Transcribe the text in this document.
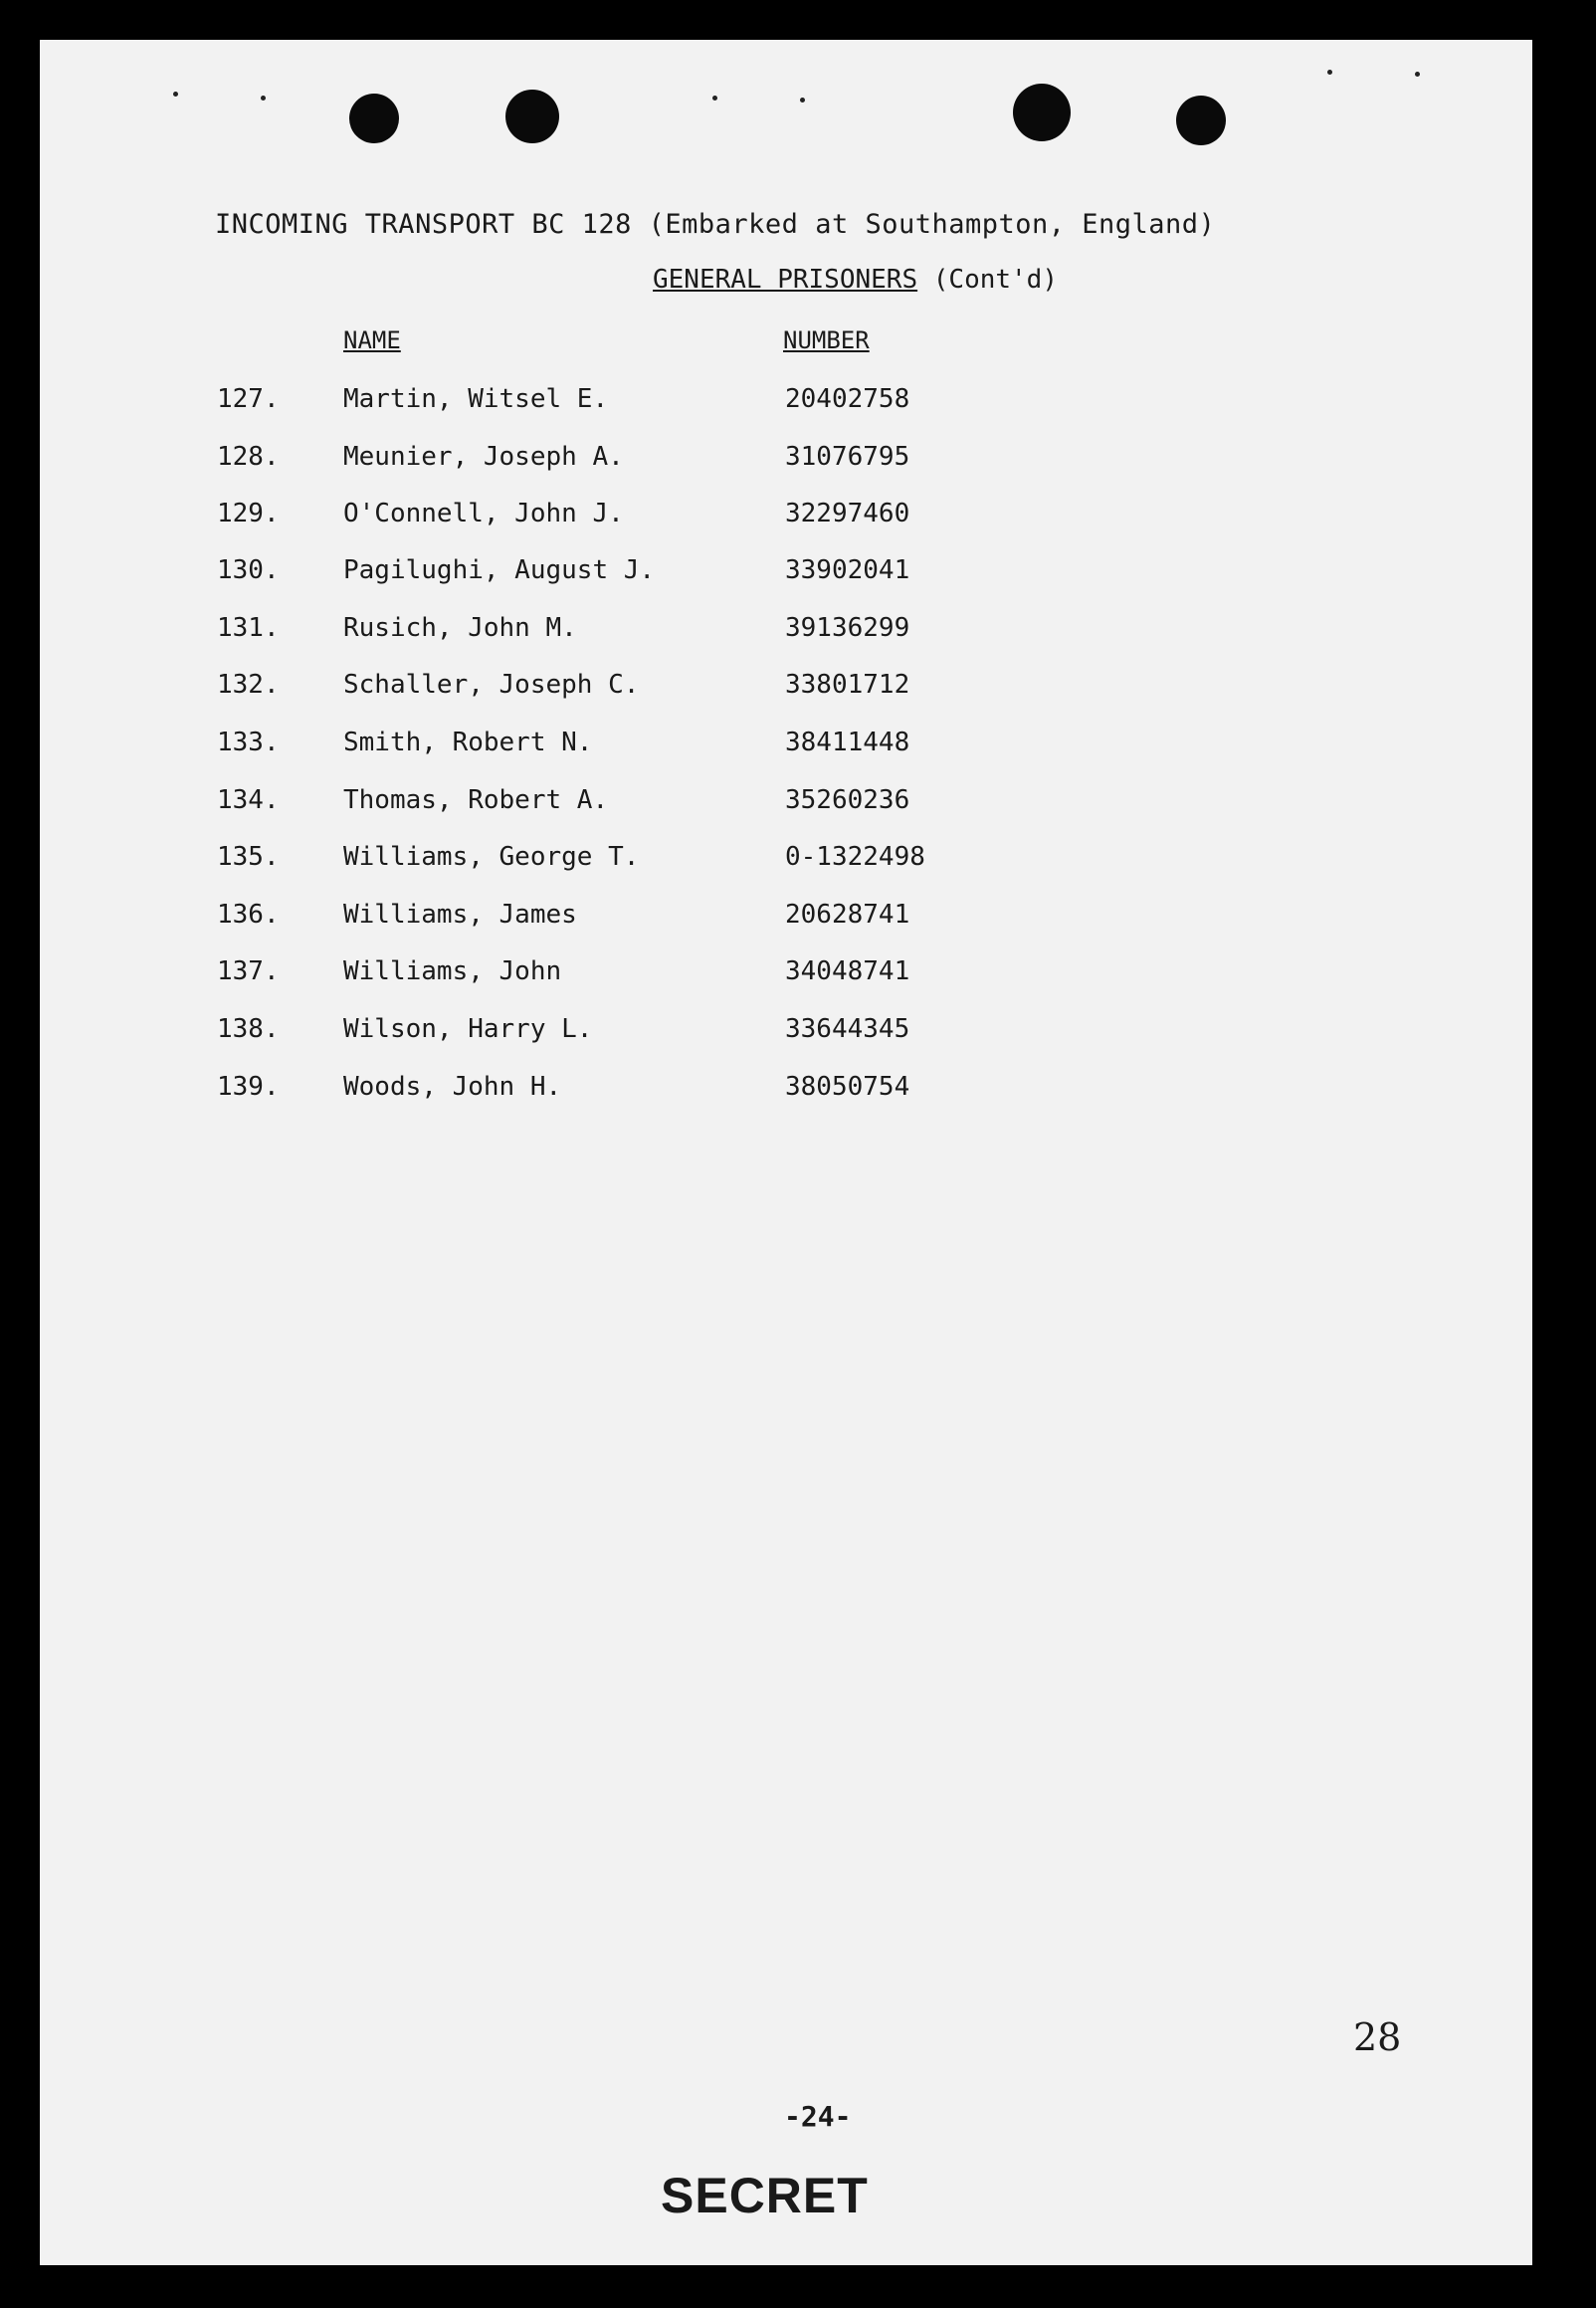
INCOMING TRANSPORT BC 128 (Embarked at Southampton, England)
GENERAL PRISONERS (Cont'd)
NAME	NUMBER
127. Martin, Witsel E.	20402758
128. Meunier, Joseph A.	31076795
129. O'Connell, John J.	32297460
130. Pagilughi, August J.	33902041
131. Rusich, John M.	39136299
132. Schaller, Joseph C.	33801712
133. Smith, Robert N.	38411448
134. Thomas, Robert A.	35260236
135. Williams, George T.	0-1322498
136. Williams, James	20628741
137. Williams, John	34048741
138. Wilson, Harry L.	33644345
139. Woods, John H.	38050754
28
-24-
SECRET
